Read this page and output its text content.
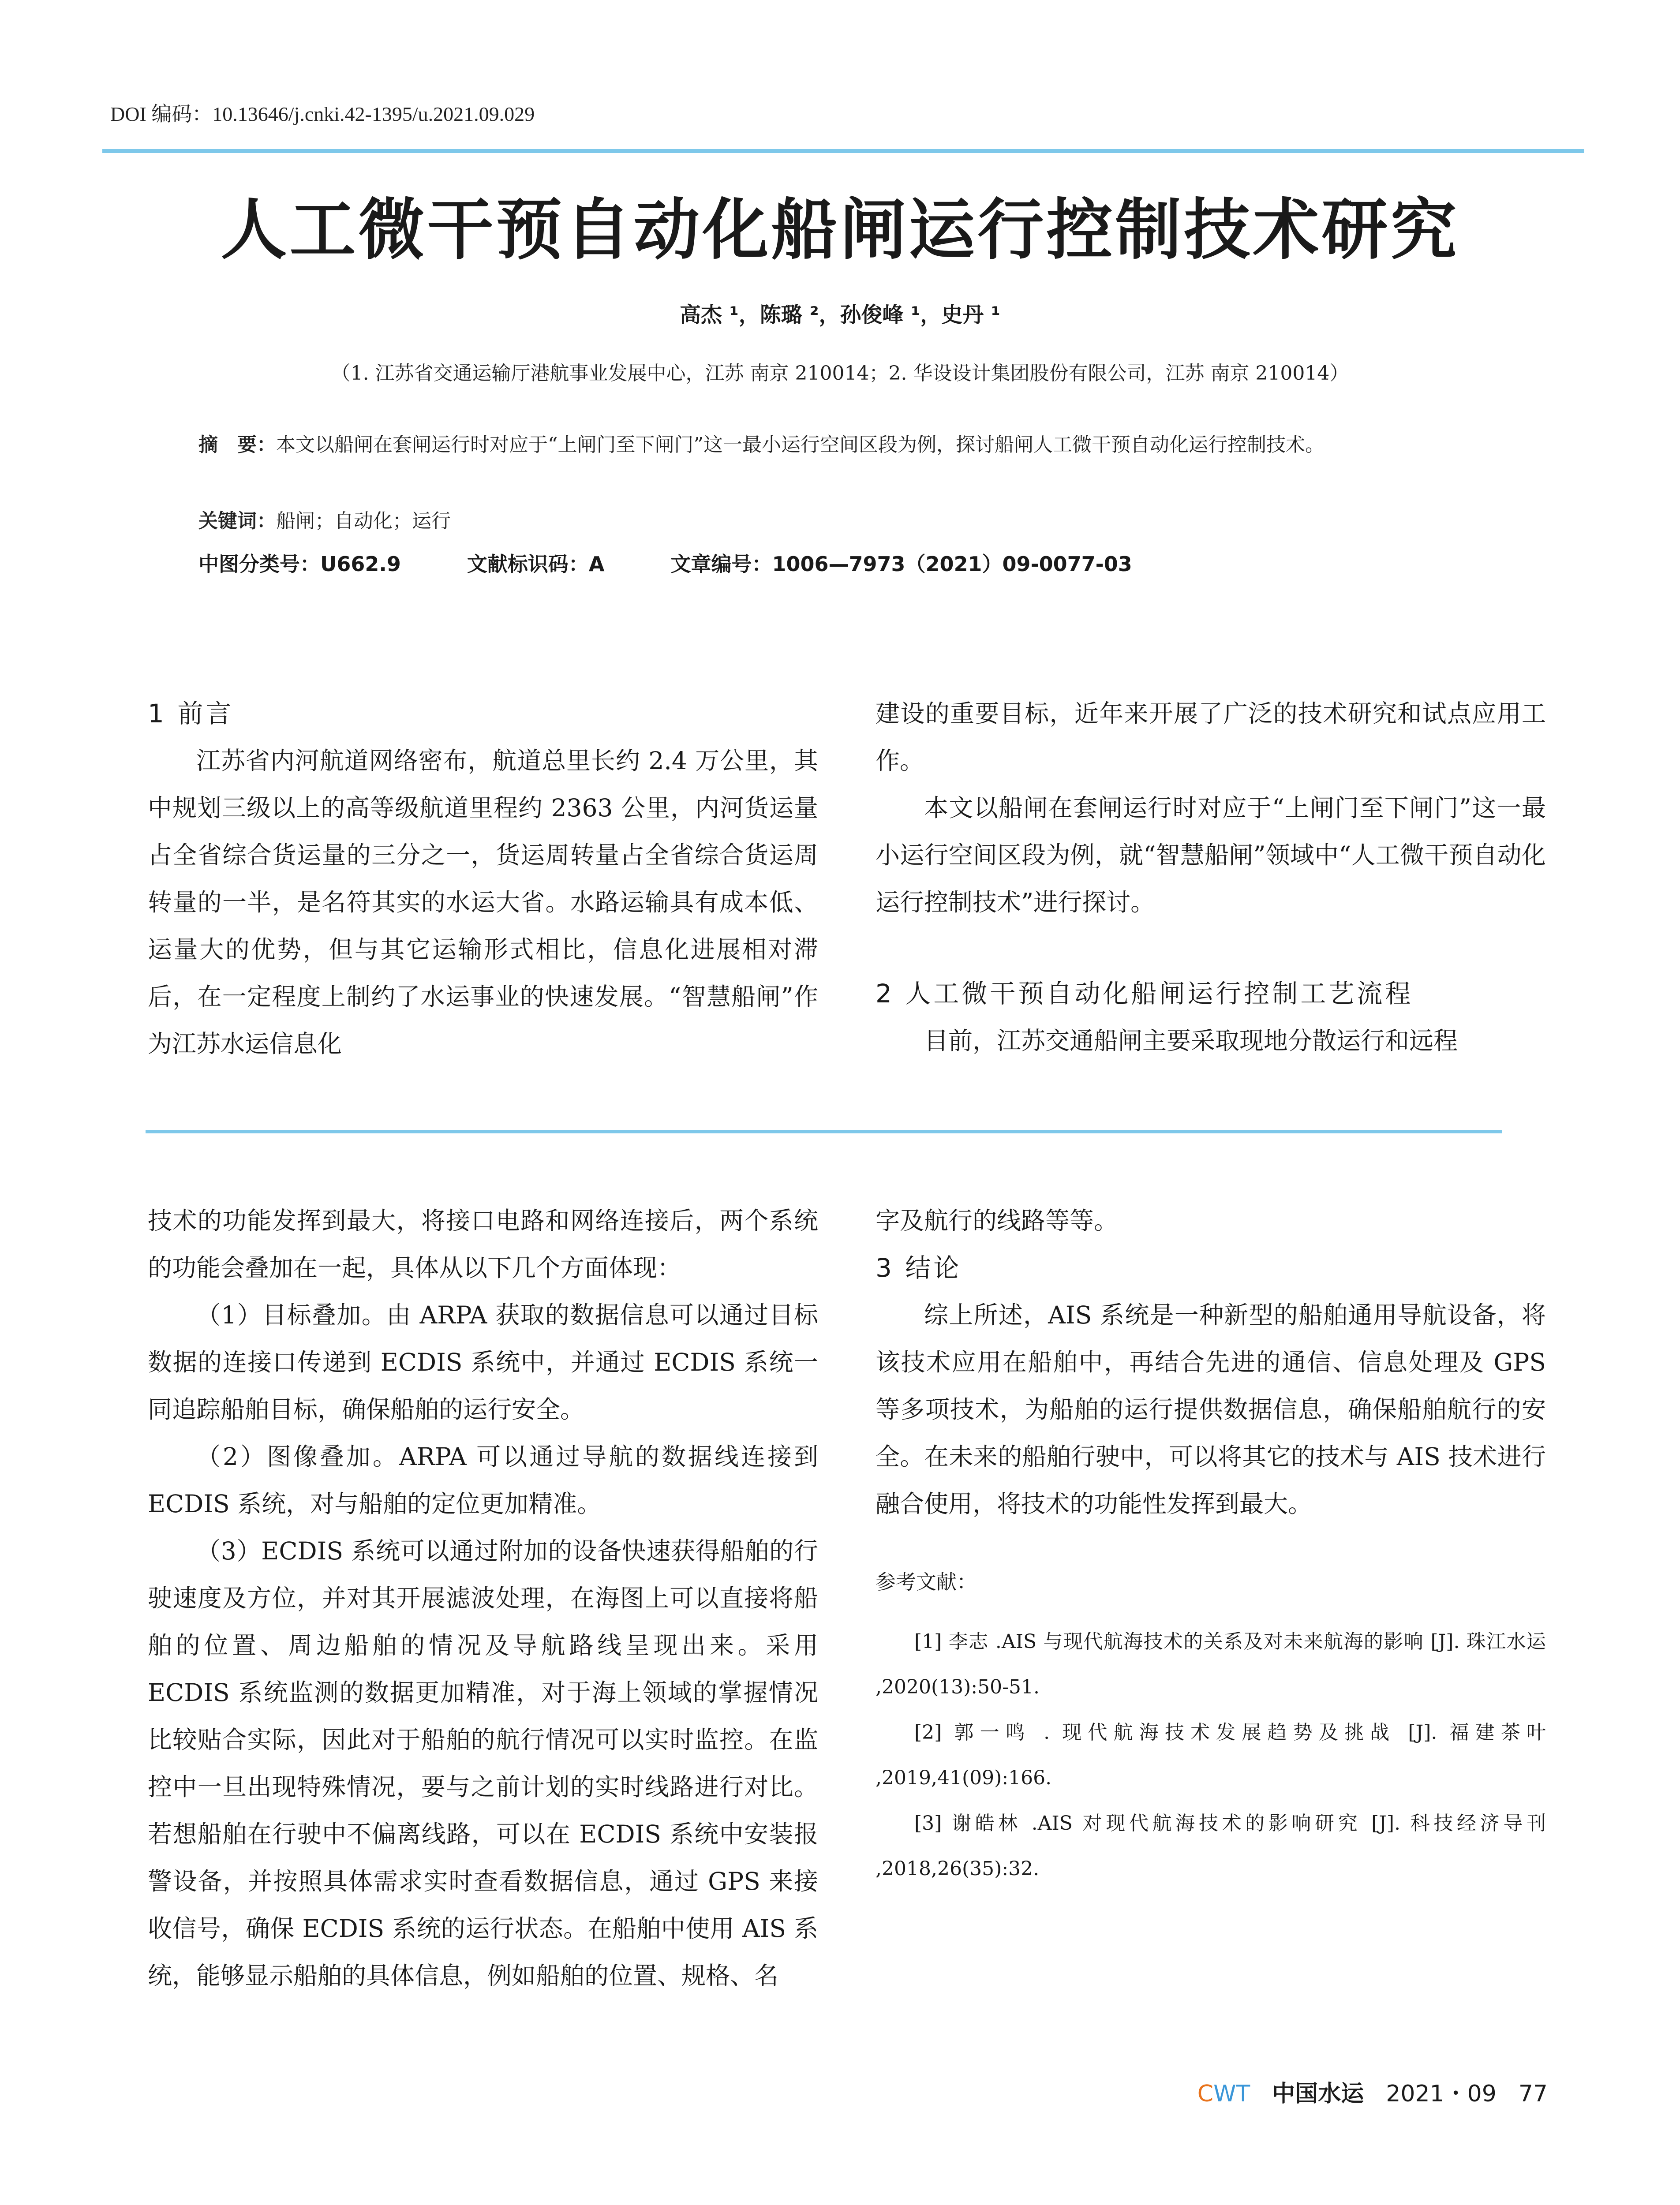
DOI 编码：10.13646/j.cnki.42-1395/u.2021.09.029
人工微干预自动化船闸运行控制技术研究
高杰 ¹，陈璐 ²，孙俊峰 ¹，史丹 ¹
（1. 江苏省交通运输厅港航事业发展中心，江苏 南京 210014；2. 华设设计集团股份有限公司，江苏 南京 210014）
摘　要：本文以船闸在套闸运行时对应于“上闸门至下闸门”这一最小运行空间区段为例，探讨船闸人工微干预自动化运行控制技术。
关键词：船闸；自动化；运行
中图分类号：U662.9	文献标识码：A	文章编号：1006—7973（2021）09-0077-03
1 前言

江苏省内河航道网络密布，航道总里长约 2.4 万公里，其中规划三级以上的高等级航道里程约 2363 公里，内河货运量占全省综合货运量的三分之一，货运周转量占全省综合货运周转量的一半，是名符其实的水运大省。水路运输具有成本低、运量大的优势，但与其它运输形式相比，信息化进展相对滞后，在一定程度上制约了水运事业的快速发展。“智慧船闸”作为江苏水运信息化

建设的重要目标，近年来开展了广泛的技术研究和试点应用工作。

本文以船闸在套闸运行时对应于“上闸门至下闸门”这一最小运行空间区段为例，就“智慧船闸”领域中“人工微干预自动化运行控制技术”进行探讨。

2 人工微干预自动化船闸运行控制工艺流程

目前，江苏交通船闸主要采取现地分散运行和远程

技术的功能发挥到最大，将接口电路和网络连接后，两个系统的功能会叠加在一起，具体从以下几个方面体现：

（1）目标叠加。由 ARPA 获取的数据信息可以通过目标数据的连接口传递到 ECDIS 系统中，并通过 ECDIS 系统一同追踪船舶目标，确保船舶的运行安全。

（2）图像叠加。ARPA 可以通过导航的数据线连接到 ECDIS 系统，对与船舶的定位更加精准。

（3）ECDIS 系统可以通过附加的设备快速获得船舶的行驶速度及方位，并对其开展滤波处理，在海图上可以直接将船舶的位置、周边船舶的情况及导航路线呈现出来。采用 ECDIS 系统监测的数据更加精准，对于海上领域的掌握情况比较贴合实际，因此对于船舶的航行情况可以实时监控。在监控中一旦出现特殊情况，要与之前计划的实时线路进行对比。若想船舶在行驶中不偏离线路，可以在 ECDIS 系统中安装报警设备，并按照具体需求实时查看数据信息，通过 GPS 来接收信号，确保 ECDIS 系统的运行状态。在船舶中使用 AIS 系统，能够显示船舶的具体信息，例如船舶的位置、规格、名

字及航行的线路等等。

3 结论

综上所述，AIS 系统是一种新型的船舶通用导航设备，将该技术应用在船舶中，再结合先进的通信、信息处理及 GPS 等多项技术，为船舶的运行提供数据信息，确保船舶航行的安全。在未来的船舶行驶中，可以将其它的技术与 AIS 技术进行融合使用，将技术的功能性发挥到最大。

参考文献：

[1] 李志 .AIS 与现代航海技术的关系及对未来航海的影响 [J]. 珠江水运 ,2020(13):50-51.

[2] 郭一鸣 . 现代航海技术发展趋势及挑战 [J]. 福建茶叶 ,2019,41(09):166.

[3] 谢皓林 .AIS 对现代航海技术的影响研究 [J]. 科技经济导刊 ,2018,26(35):32.

CWT 中国水运 2021・09 77
